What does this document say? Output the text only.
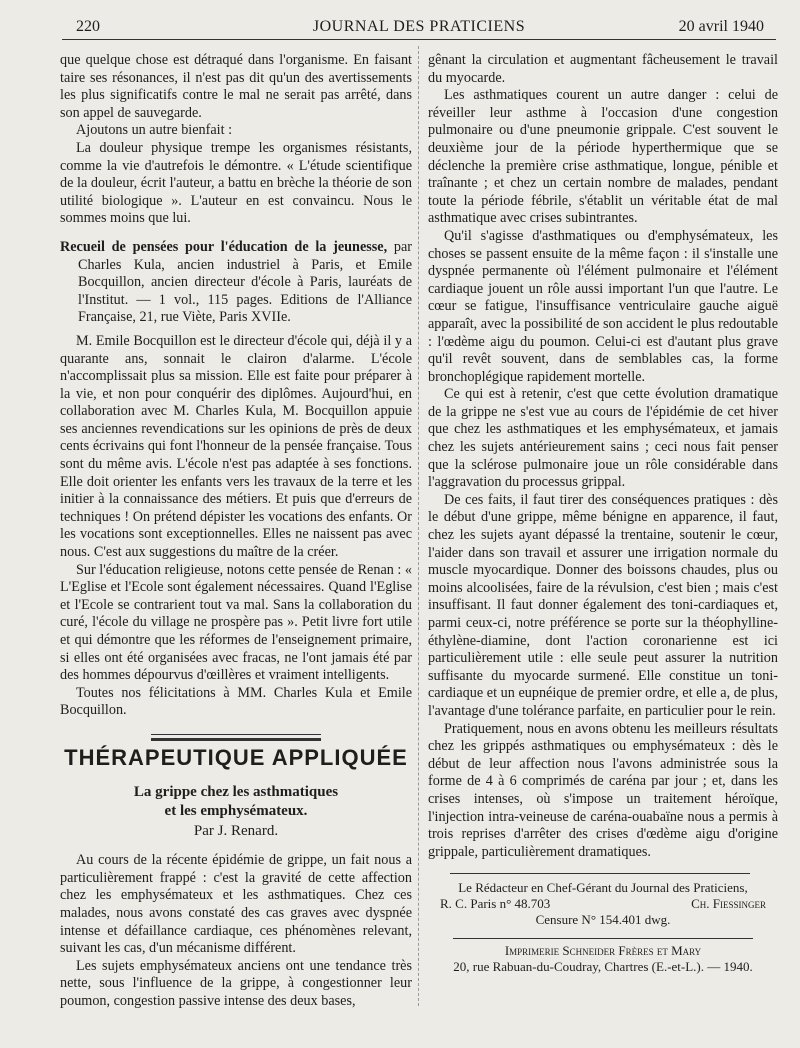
220	JOURNAL DES PRATICIENS	20 avril 1940

que quelque chose est détraqué dans l'organisme. En faisant taire ses résonances, il n'est pas dit qu'un des avertissements les plus significatifs contre le mal ne serait pas arrêté, dans son appel de sauvegarde.

Ajoutons un autre bienfait :

La douleur physique trempe les organismes résistants, comme la vie d'autrefois le démontre. « L'étude scientifique de la douleur, écrit l'auteur, a battu en brèche la théorie de son utilité biologique ». L'auteur en est convaincu. Nous le sommes moins que lui.

Recueil de pensées pour l'éducation de la jeunesse, par Charles Kula, ancien industriel à Paris, et Emile Bocquillon, ancien directeur d'école à Paris, lauréats de l'Institut. — 1 vol., 115 pages. Editions de l'Alliance Française, 21, rue Viète, Paris XVIIe.

M. Emile Bocquillon est le directeur d'école qui, déjà il y a quarante ans, sonnait le clairon d'alarme. L'école n'accomplissait plus sa mission. Elle est faite pour préparer à la vie, et non pour conquérir des diplômes. Aujourd'hui, en collaboration avec M. Charles Kula, M. Bocquillon appuie ses anciennes revendications sur les opinions de près de deux cents écrivains qui font l'honneur de la pensée française. Tous sont du même avis. L'école n'est pas adaptée à ses fonctions. Elle doit orienter les enfants vers les travaux de la terre et les initier à la connaissance des métiers. Et puis que d'erreurs de techniques ! On prétend dépister les vocations des enfants. Or les vocations sont exceptionnelles. Elles ne naissent pas avec nous. C'est aux suggestions du maître de la créer.

Sur l'éducation religieuse, notons cette pensée de Renan : « L'Eglise et l'Ecole sont également nécessaires. Quand l'Eglise et l'Ecole se contrarient tout va mal. Sans la collaboration du curé, l'école du village ne prospère pas ». Petit livre fort utile et qui démontre que les réformes de l'enseignement primaire, si elles ont été organisées avec fracas, ne l'ont jamais été par des hommes dépourvus d'œillères et vraiment intelligents.

Toutes nos félicitations à MM. Charles Kula et Emile Bocquillon.

THÉRAPEUTIQUE APPLIQUÉE
La grippe chez les asthmatiques
et les emphysémateux.
Par J. Renard.

Au cours de la récente épidémie de grippe, un fait nous a particulièrement frappé : c'est la gravité de cette affection chez les emphysémateux et les asthmatiques. Chez ces malades, nous avons constaté des cas graves avec dyspnée intense et défaillance cardiaque, ces phénomènes relevant, suivant les cas, d'un mécanisme différent.

Les sujets emphysémateux anciens ont une tendance très nette, sous l'influence de la grippe, à congestionner leur poumon, congestion passive intense des deux bases,

gênant la circulation et augmentant fâcheusement le travail du myocarde.

Les asthmatiques courent un autre danger : celui de réveiller leur asthme à l'occasion d'une congestion pulmonaire ou d'une pneumonie grippale. C'est souvent le deuxième jour de la période hyperthermique que se déclenche la première crise asthmatique, longue, pénible et traînante ; et chez un certain nombre de malades, pendant toute la période fébrile, s'établit un véritable état de mal asthmatique avec crises subintrantes.

Qu'il s'agisse d'asthmatiques ou d'emphysémateux, les choses se passent ensuite de la même façon : il s'installe une dyspnée permanente où l'élément pulmonaire et l'élément cardiaque jouent un rôle aussi important l'un que l'autre. Le cœur se fatigue, l'insuffisance ventriculaire gauche aiguë apparaît, avec la possibilité de son accident le plus redoutable : l'œdème aigu du poumon. Celui-ci est d'autant plus grave qu'il revêt souvent, dans de semblables cas, la forme bronchoplégique rapidement mortelle.

Ce qui est à retenir, c'est que cette évolution dramatique de la grippe ne s'est vue au cours de l'épidémie de cet hiver que chez les asthmatiques et les emphysémateux, et jamais chez les sujets antérieurement sains ; ceci nous fait penser que la sclérose pulmonaire joue un rôle considérable dans l'aggravation du processus grippal.

De ces faits, il faut tirer des conséquences pratiques : dès le début d'une grippe, même bénigne en apparence, il faut, chez les sujets ayant dépassé la trentaine, soutenir le cœur, l'aider dans son travail et assurer une irrigation normale du muscle myocardique. Donner des boissons chaudes, plus ou moins alcoolisées, faire de la révulsion, c'est bien ; mais c'est insuffisant. Il faut donner également des toni-cardiaques et, parmi ceux-ci, notre préférence se porte sur la théophylline-éthylène-diamine, dont l'action coronarienne est ici particulièrement utile : elle seule peut assurer la nutrition suffisante du myocarde surmené. Elle constitue un toni-cardiaque et un eupnéique de premier ordre, et elle a, de plus, l'avantage d'une tolérance parfaite, en particulier pour le rein.

Pratiquement, nous en avons obtenu les meilleurs résultats chez les grippés asthmatiques ou emphysémateux : dès le début de leur affection nous l'avons administrée sous la forme de 4 à 6 comprimés de caréna par jour ; et, dans les crises intenses, où s'impose un traitement héroïque, l'injection intra-veineuse de caréna-ouabaïne nous a permis à trois reprises d'arrêter des crises d'œdème aigu d'origine grippale, particulièrement dramatiques.

Le Rédacteur en Chef-Gérant du Journal des Praticiens,
R. C. Paris n° 48.703	Ch. Fiessinger
Censure N° 154.401 dwg.
Imprimerie Schneider Frères et Mary
20, rue Rabuan-du-Coudray, Chartres (E.-et-L.). — 1940.
